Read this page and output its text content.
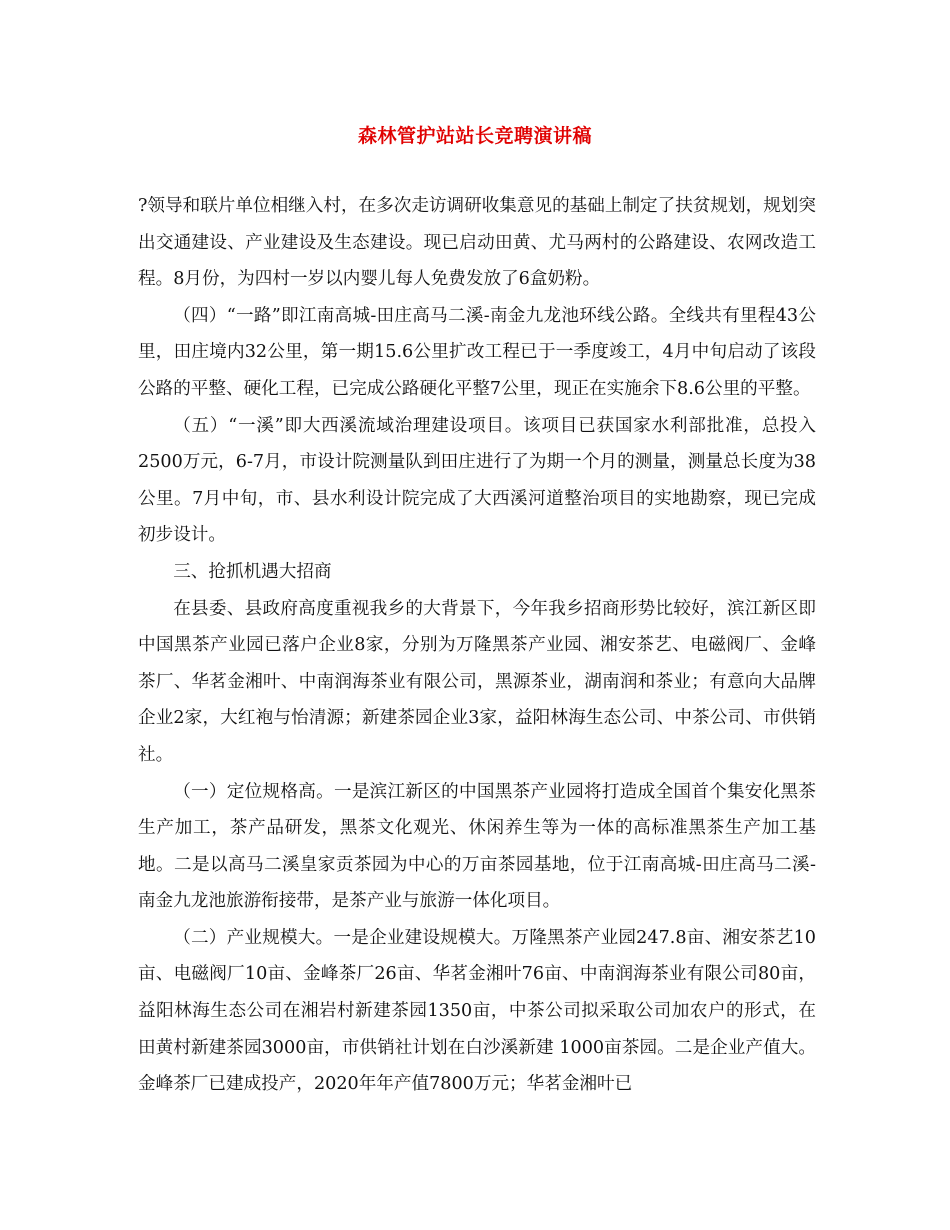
森林管护站站长竞聘演讲稿

?领导和联片单位相继入村，在多次走访调研收集意见的基础上制定了扶贫规划，规划突出交通建设、产业建设及生态建设。现已启动田黄、尤马两村的公路建设、农网改造工程。8月份，为四村一岁以内婴儿每人免费发放了6盒奶粉。

（四）“一路”即江南高城-田庄高马二溪-南金九龙池环线公路。全线共有里程43公里，田庄境内32公里，第一期15.6公里扩改工程已于一季度竣工，4月中旬启动了该段公路的平整、硬化工程，已完成公路硬化平整7公里，现正在实施余下8.6公里的平整。

（五）“一溪”即大西溪流域治理建设项目。该项目已获国家水利部批准，总投入2500万元，6-7月，市设计院测量队到田庄进行了为期一个月的测量，测量总长度为38公里。7月中旬，市、县水利设计院完成了大西溪河道整治项目的实地勘察，现已完成初步设计。

三、抢抓机遇大招商

在县委、县政府高度重视我乡的大背景下，今年我乡招商形势比较好，滨江新区即中国黑茶产业园已落户企业8家，分别为万隆黑茶产业园、湘安茶艺、电磁阀厂、金峰茶厂、华茗金湘叶、中南润海茶业有限公司，黑源茶业，湖南润和茶业；有意向大品牌企业2家，大红袍与怡清源；新建茶园企业3家，益阳林海生态公司、中茶公司、市供销社。

（一）定位规格高。一是滨江新区的中国黑茶产业园将打造成全国首个集安化黑茶生产加工，茶产品研发，黑茶文化观光、休闲养生等为一体的高标准黑茶生产加工基地。二是以高马二溪皇家贡茶园为中心的万亩茶园基地，位于江南高城-田庄高马二溪-南金九龙池旅游衔接带，是茶产业与旅游一体化项目。

（二）产业规模大。一是企业建设规模大。万隆黑茶产业园247.8亩、湘安茶艺10亩、电磁阀厂10亩、金峰茶厂26亩、华茗金湘叶76亩、中南润海茶业有限公司80亩，益阳林海生态公司在湘岩村新建茶园1350亩，中茶公司拟采取公司加农户的形式，在田黄村新建茶园3000亩，市供销社计划在白沙溪新建 1000亩茶园。二是企业产值大。金峰茶厂已建成投产，2020年年产值7800万元；华茗金湘叶已
